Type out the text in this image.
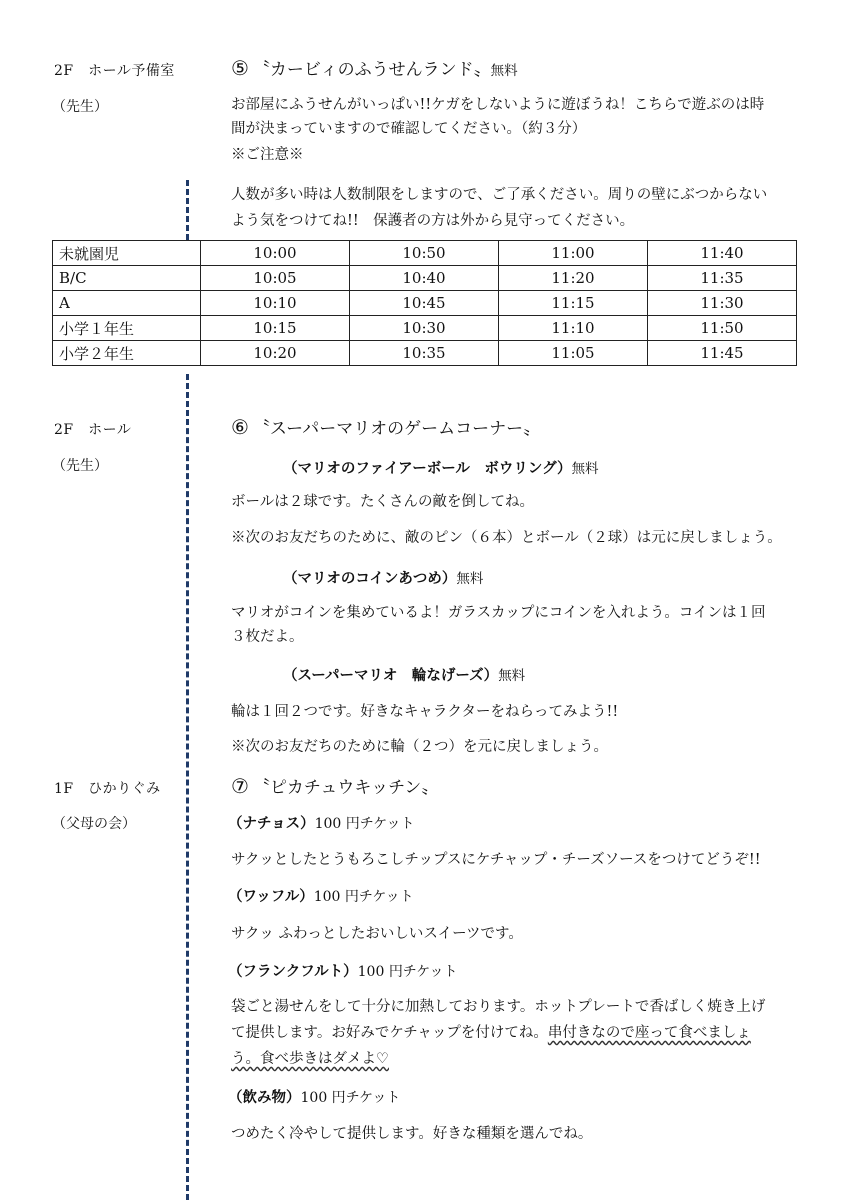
2F　ホール予備室
（先生）
⑤ 〝カービィのふうせんランド〟無料
お部屋にふうせんがいっぱい!!ケガをしないように遊ぼうね！こちらで遊ぶのは時
間が決まっていますので確認してください。（約３分）
※ご注意※
人数が多い時は人数制限をしますので、ご了承ください。周りの壁にぶつからない
よう気をつけてね!!　保護者の方は外から見守ってください。
未就園児	10:00	10:50	11:00	11:40
B/C	10:05	10:40	11:20	11:35
A	10:10	10:45	11:15	11:30
小学１年生	10:15	10:30	11:10	11:50
小学２年生	10:20	10:35	11:05	11:45
2F　ホール
（先生）
⑥ 〝スーパーマリオのゲームコーナー〟
（マリオのファイアーボール　ボウリング）無料
ボールは２球です。たくさんの敵を倒してね。
※次のお友だちのために、敵のピン（６本）とボール（２球）は元に戻しましょう。
（マリオのコインあつめ）無料
マリオがコインを集めているよ！ガラスカップにコインを入れよう。コインは１回
３枚だよ。
（スーパーマリオ　輪なげーズ）無料
輪は１回２つです。好きなキャラクターをねらってみよう!!
※次のお友だちのために輪（２つ）を元に戻しましょう。
1F　ひかりぐみ
（父母の会）
⑦ 〝ピカチュウキッチン〟
（ナチョス）100 円チケット
サクッとしたとうもろこしチップスにケチャップ・チーズソースをつけてどうぞ!!
（ワッフル）100 円チケット
サクッ ふわっとしたおいしいスイーツです。
（フランクフルト）100 円チケット
袋ごと湯せんをして十分に加熱しております。ホットプレートで香ばしく焼き上げ
て提供します。お好みでケチャップを付けてね。串付きなので座って食べましょ
う。食べ歩きはダメよ♡
（飲み物）100 円チケット
つめたく冷やして提供します。好きな種類を選んでね。
